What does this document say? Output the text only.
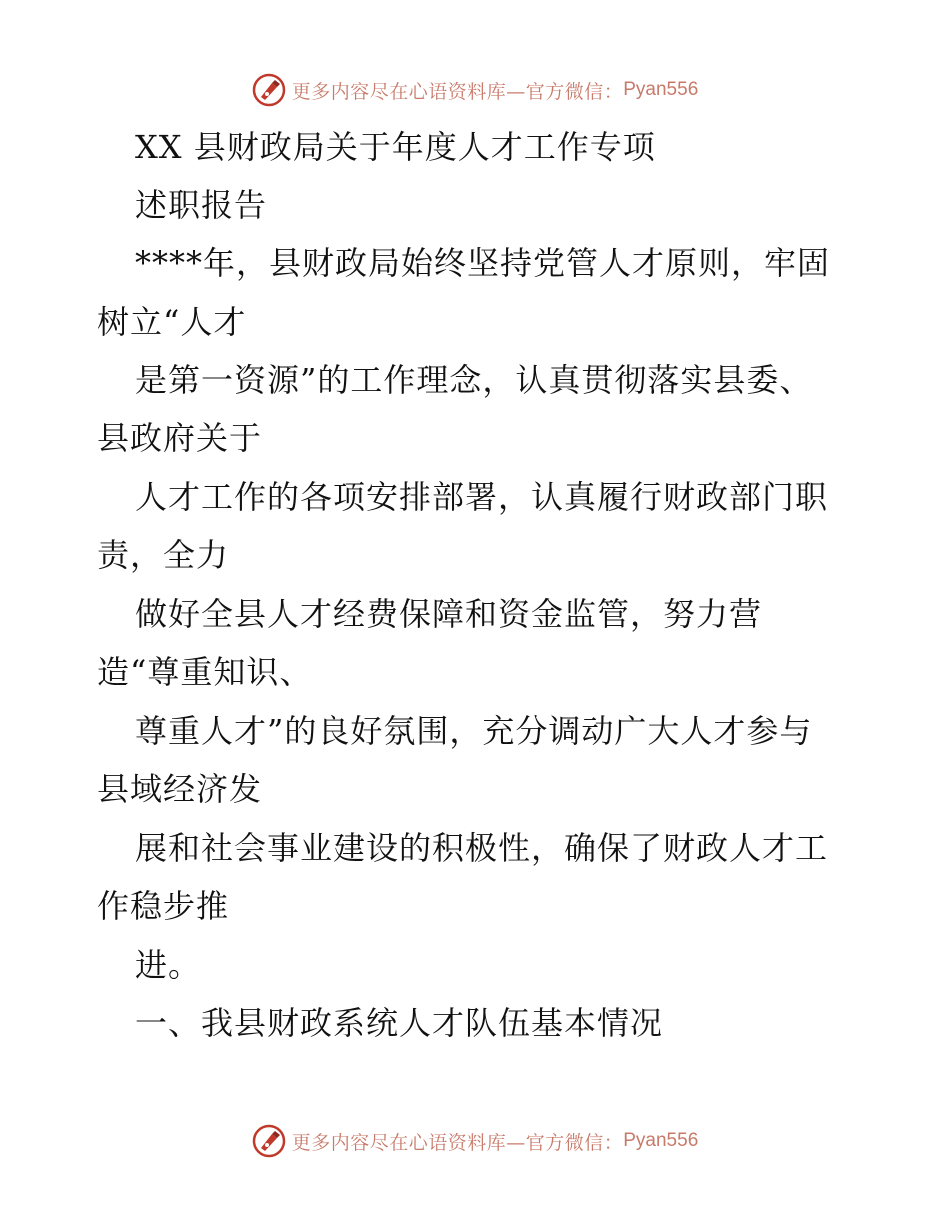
更多内容尽在心语资料库—官方微信： Pyan556
XX 县财政局关于年度人才工作专项
述职报告
****年，县财政局始终坚持党管人才原则，牢固
树立“人才
是第一资源”的工作理念，认真贯彻落实县委、
县政府关于
人才工作的各项安排部署，认真履行财政部门职
责，全力
做好全县人才经费保障和资金监管，努力营
造“尊重知识、
尊重人才”的良好氛围，充分调动广大人才参与
县域经济发
展和社会事业建设的积极性，确保了财政人才工
作稳步推
进。
一、我县财政系统人才队伍基本情况
更多内容尽在心语资料库—官方微信： Pyan556
